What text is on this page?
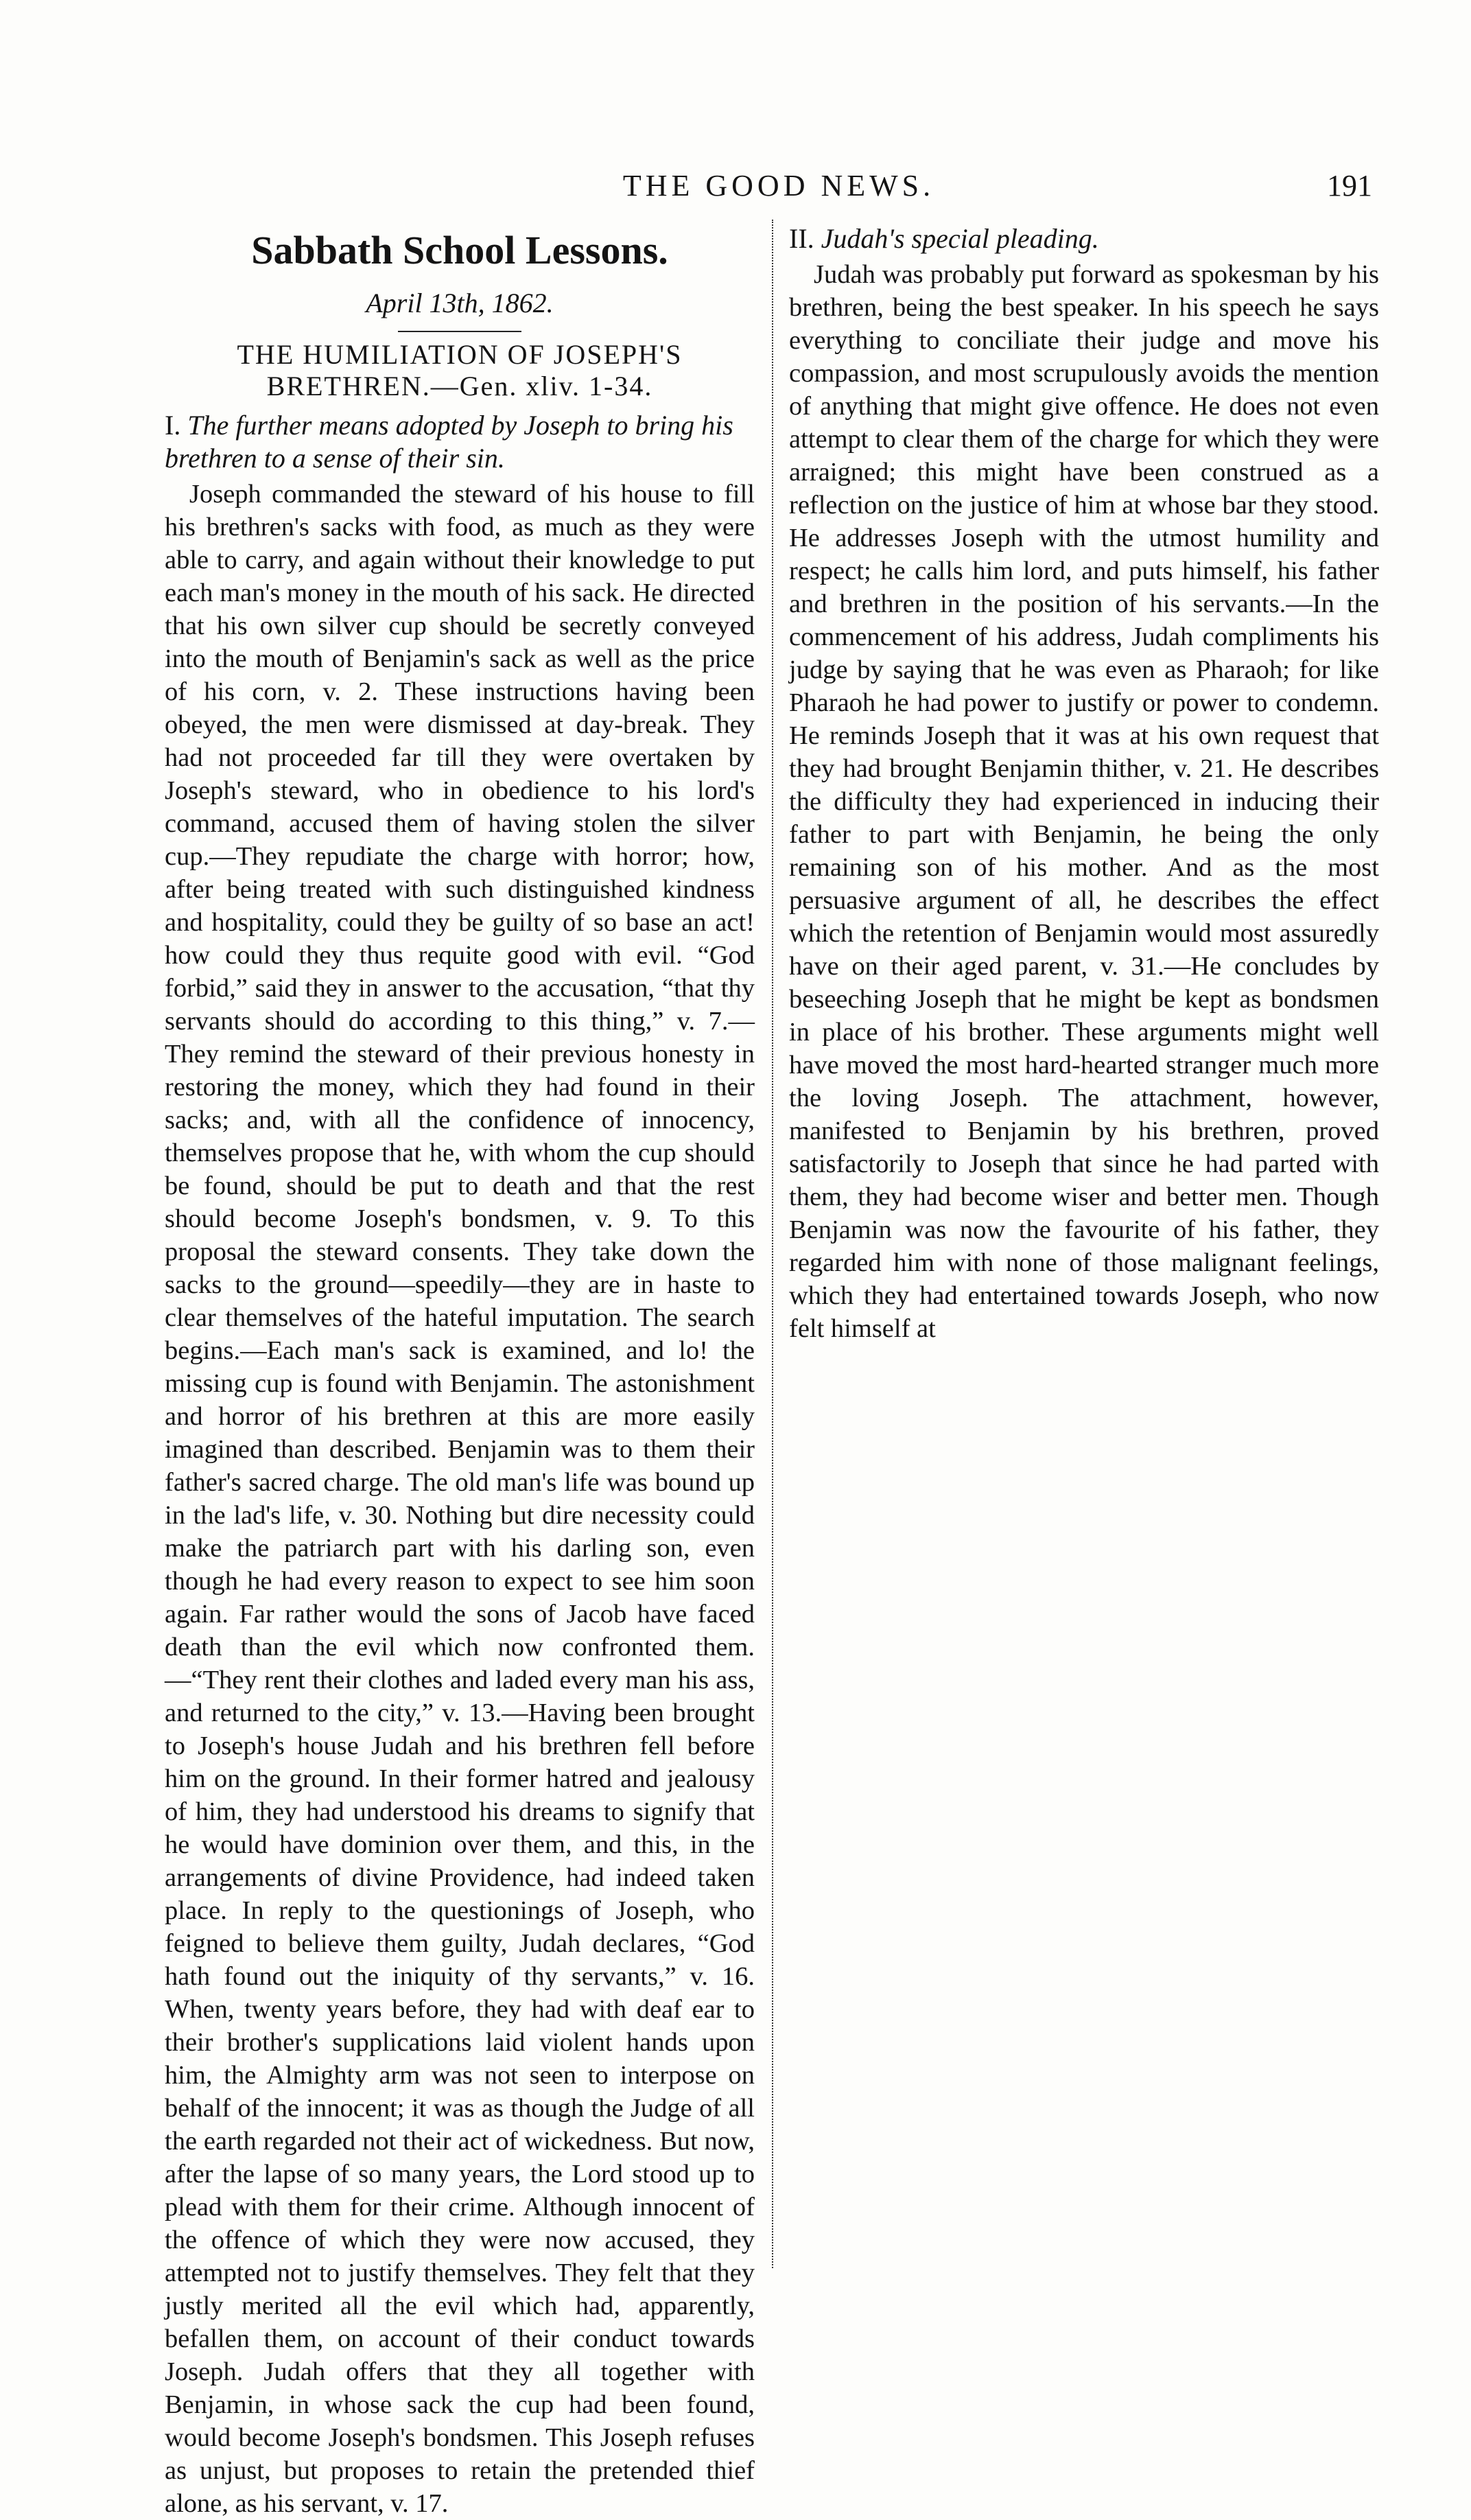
THE GOOD NEWS.	191
Sabbath School Lessons.
April 13th, 1862.
THE HUMILIATION OF JOSEPH'S BRETHREN.—Gen. xliv. 1-34.
I. The further means adopted by Joseph to bring his brethren to a sense of their sin.

Joseph commanded the steward of his house to fill his brethren's sacks with food, as much as they were able to carry, and again without their knowledge to put each man's money in the mouth of his sack. He directed that his own silver cup should be secretly conveyed into the mouth of Benjamin's sack as well as the price of his corn, v. 2. These instructions having been obeyed, the men were dismissed at day-break. They had not proceeded far till they were overtaken by Joseph's steward, who in obedience to his lord's command, accused them of having stolen the silver cup.—They repudiate the charge with horror; how, after being treated with such distinguished kindness and hospitality, could they be guilty of so base an act! how could they thus requite good with evil. “God forbid,” said they in answer to the accusation, “that thy servants should do according to this thing,” v. 7.—They remind the steward of their previous honesty in restoring the money, which they had found in their sacks; and, with all the confidence of innocency, themselves propose that he, with whom the cup should be found, should be put to death and that the rest should become Joseph's bondsmen, v. 9. To this proposal the steward consents. They take down the sacks to the ground—speedily—they are in haste to clear themselves of the hateful imputation. The search begins.—Each man's sack is examined, and lo! the missing cup is found with Benjamin. The astonishment and horror of his brethren at this are more easily imagined than described. Benjamin was to them their father's sacred charge. The old man's life was bound up in the lad's life, v. 30. Nothing but dire necessity could make the patriarch part with his darling son, even though he had every reason to expect to see him soon again. Far rather would the sons of Jacob have faced death than the evil which now confronted them.—“They rent their clothes and laded every man his ass, and returned to the city,” v. 13.—Having been brought to Joseph's house Judah and his brethren fell before him on the ground. In their former hatred and jealousy of him, they had understood his dreams to signify that he would have dominion over them, and this, in the arrangements of divine Providence, had indeed taken place. In reply to the questionings of Joseph, who feigned to believe them guilty, Judah declares, “God hath found out the iniquity of thy servants,” v. 16. When, twenty years before, they had with deaf ear to their brother's supplications laid violent hands upon him, the Almighty arm was not seen to interpose on behalf of the innocent; it was as though the Judge of all the earth regarded not their act of wickedness. But now, after the lapse of so many years, the Lord stood up to plead with them for their crime. Although innocent of the offence of which they were now accused, they attempted not to justify themselves. They felt that they justly merited all the evil which had, apparently, befallen them, on account of their conduct towards Joseph. Judah offers that they all together with Benjamin, in whose sack the cup had been found, would become Joseph's bondsmen. This Joseph refuses as unjust, but proposes to retain the pretended thief alone, as his servant, v. 17.

II. Judah's special pleading.

Judah was probably put forward as spokesman by his brethren, being the best speaker. In his speech he says everything to conciliate their judge and move his compassion, and most scrupulously avoids the mention of anything that might give offence. He does not even attempt to clear them of the charge for which they were arraigned; this might have been construed as a reflection on the justice of him at whose bar they stood. He addresses Joseph with the utmost humility and respect; he calls him lord, and puts himself, his father and brethren in the position of his servants.—In the commencement of his address, Judah compliments his judge by saying that he was even as Pharaoh; for like Pharaoh he had power to justify or power to condemn. He reminds Joseph that it was at his own request that they had brought Benjamin thither, v. 21. He describes the difficulty they had experienced in inducing their father to part with Benjamin, he being the only remaining son of his mother. And as the most persuasive argument of all, he describes the effect which the retention of Benjamin would most assuredly have on their aged parent, v. 31.—He concludes by beseeching Joseph that he might be kept as bondsmen in place of his brother. These arguments might well have moved the most hard-hearted stranger much more the loving Joseph. The attachment, however, manifested to Benjamin by his brethren, proved satisfactorily to Joseph that since he had parted with them, they had become wiser and better men. Though Benjamin was now the favourite of his father, they regarded him with none of those malignant feelings, which they had entertained towards Joseph, who now felt himself at
